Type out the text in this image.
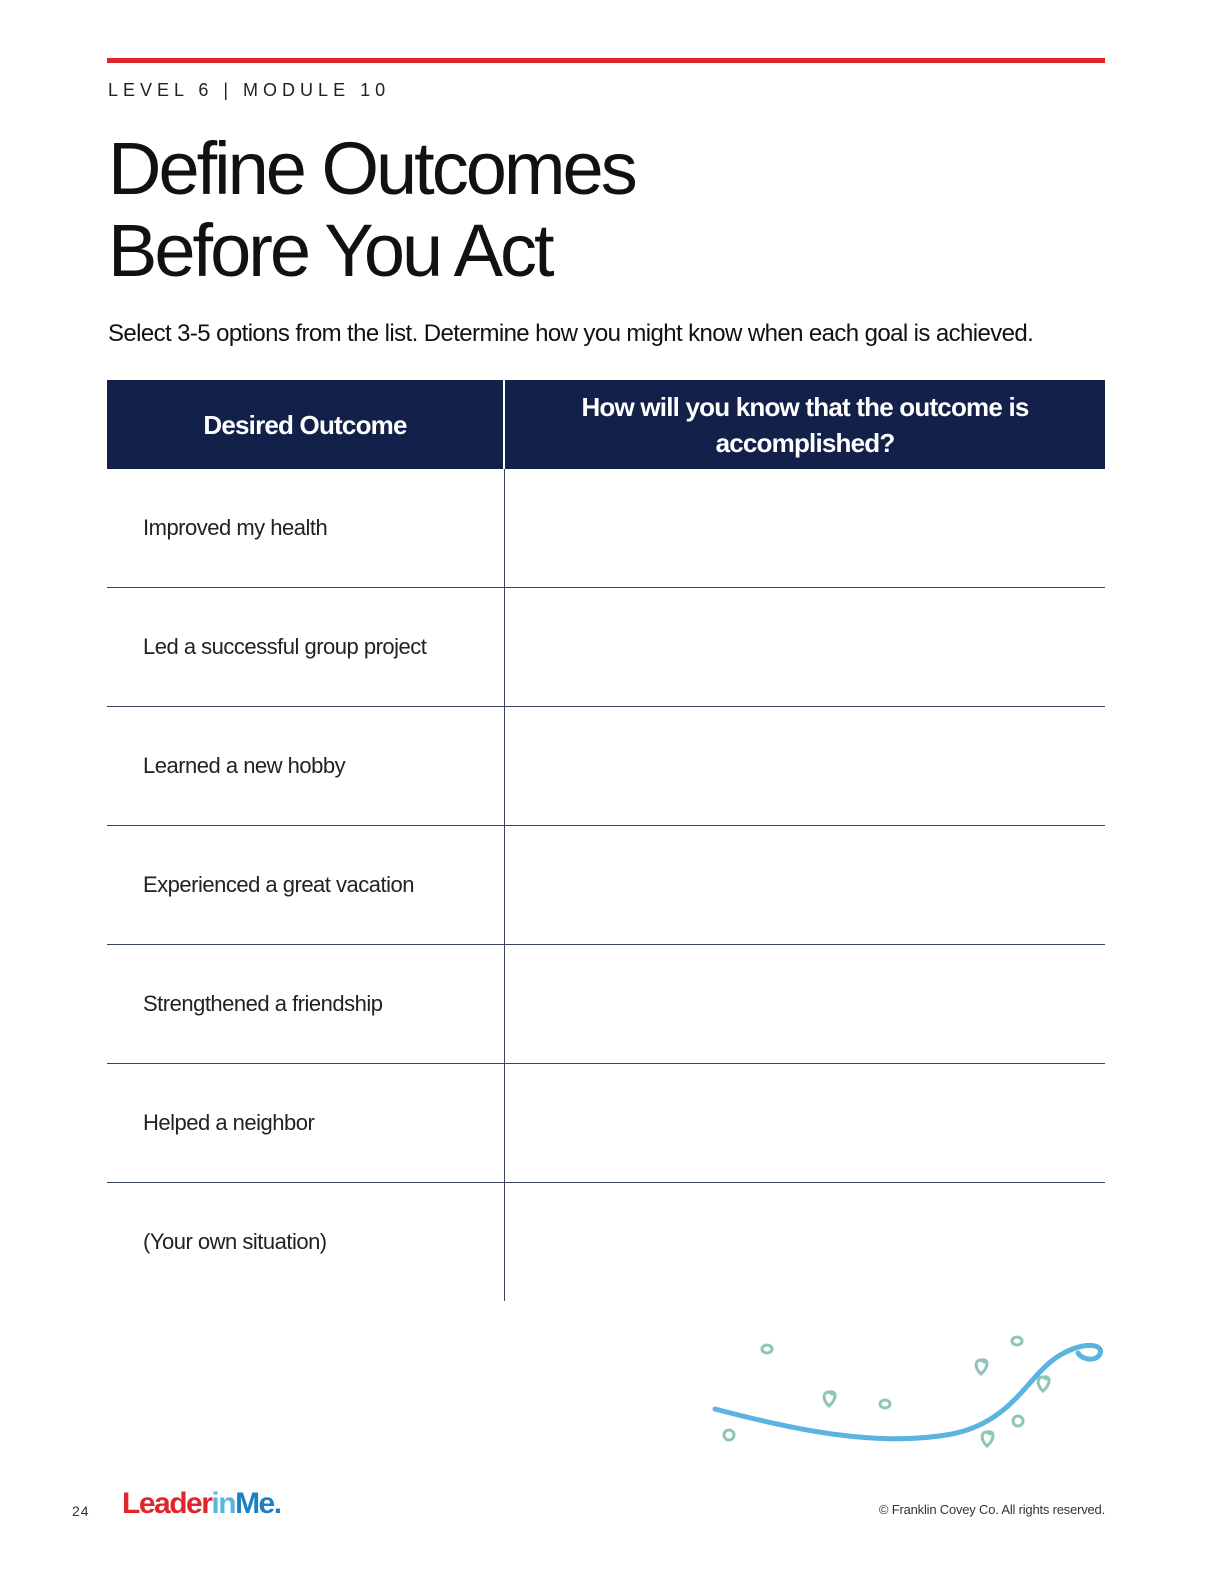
LEVEL 6 | MODULE 10
Define Outcomes
Before You Act

Select 3-5 options from the list. Determine how you might know when each goal is achieved.

Desired Outcome	How will you know that the outcome is accomplished?
Improved my health	
Led a successful group project	
Learned a new hobby	
Experienced a great vacation	
Strengthened a friendship	
Helped a neighbor	
(Your own situation)	
24 LeaderinMe.	© Franklin Covey Co. All rights reserved.
